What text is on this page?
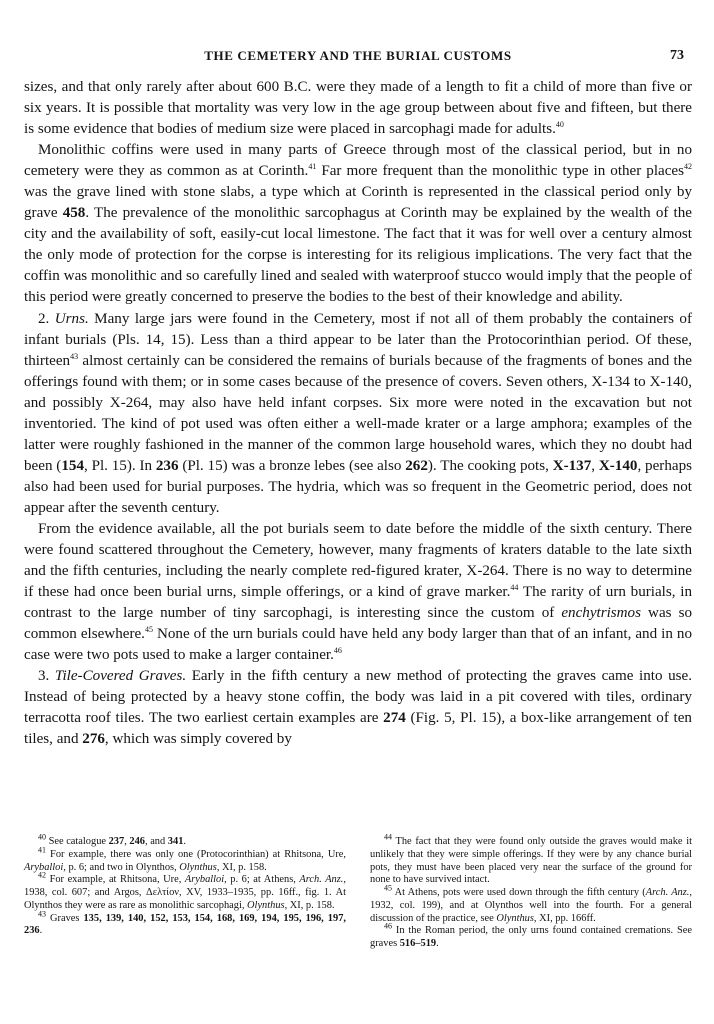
THE CEMETERY AND THE BURIAL CUSTOMS	73

sizes, and that only rarely after about 600 B.C. were they made of a length to fit a child of more than five or six years. It is possible that mortality was very low in the age group between about five and fifteen, but there is some evidence that bodies of medium size were placed in sarcophagi made for adults.$^{40}$

Monolithic coffins were used in many parts of Greece through most of the classical period, but in no cemetery were they as common as at Corinth.$^{41}$ Far more frequent than the monolithic type in other places$^{42}$ was the grave lined with stone slabs, a type which at Corinth is represented in the classical period only by grave 458. The prevalence of the monolithic sarcophagus at Corinth may be explained by the wealth of the city and the availability of soft, easily-cut local limestone. The fact that it was for well over a century almost the only mode of protection for the corpse is interesting for its religious implications. The very fact that the coffin was monolithic and so carefully lined and sealed with waterproof stucco would imply that the people of this period were greatly concerned to preserve the bodies to the best of their knowledge and ability.

2. Urns. Many large jars were found in the Cemetery, most if not all of them probably the containers of infant burials (Pls. 14, 15). Less than a third appear to be later than the Protocorinthian period. Of these, thirteen$^{43}$ almost certainly can be considered the remains of burials because of the fragments of bones and the offerings found with them; or in some cases because of the presence of covers. Seven others, X-134 to X-140, and possibly X-264, may also have held infant corpses. Six more were noted in the excavation but not inventoried. The kind of pot used was often either a well-made krater or a large amphora; examples of the latter were roughly fashioned in the manner of the common large household wares, which they no doubt had been (154, Pl. 15). In 236 (Pl. 15) was a bronze lebes (see also 262). The cooking pots, X-137, X-140, perhaps also had been used for burial purposes. The hydria, which was so frequent in the Geometric period, does not appear after the seventh century.

From the evidence available, all the pot burials seem to date before the middle of the sixth century. There were found scattered throughout the Cemetery, however, many fragments of kraters datable to the late sixth and the fifth centuries, including the nearly complete red-figured krater, X-264. There is no way to determine if these had once been burial urns, simple offerings, or a kind of grave marker.$^{44}$ The rarity of urn burials, in contrast to the large number of tiny sarcophagi, is interesting since the custom of enchytrismos was so common elsewhere.$^{45}$ None of the urn burials could have held any body larger than that of an infant, and in no case were two pots used to make a larger container.$^{46}$

3. Tile-Covered Graves. Early in the fifth century a new method of protecting the graves came into use. Instead of being protected by a heavy stone coffin, the body was laid in a pit covered with tiles, ordinary terracotta roof tiles. The two earliest certain examples are 274 (Fig. 5, Pl. 15), a box-like arrangement of ten tiles, and 276, which was simply covered by

$^{40}$ See catalogue 237, 246, and 341.

$^{41}$ For example, there was only one (Protocorinthian) at Rhitsona, Ure, Aryballoi, p. 6; and two in Olynthos, Olynthus, XI, p. 158.

$^{42}$ For example, at Rhitsona, Ure, Aryballoi, p. 6; at Athens, Arch. Anz., 1938, col. 607; and Argos, Δελτίον, XV, 1933–1935, pp. 16ff., fig. 1. At Olynthos they were as rare as monolithic sarcophagi, Olynthus, XI, p. 158.

$^{43}$ Graves 135, 139, 140, 152, 153, 154, 168, 169, 194, 195, 196, 197, 236.

$^{44}$ The fact that they were found only outside the graves would make it unlikely that they were simple offerings. If they were by any chance burial pots, they must have been placed very near the surface of the ground for none to have survived intact.

$^{45}$ At Athens, pots were used down through the fifth century (Arch. Anz., 1932, col. 199), and at Olynthos well into the fourth. For a general discussion of the practice, see Olynthus, XI, pp. 166ff.

$^{46}$ In the Roman period, the only urns found contained cremations. See graves 516–519.
